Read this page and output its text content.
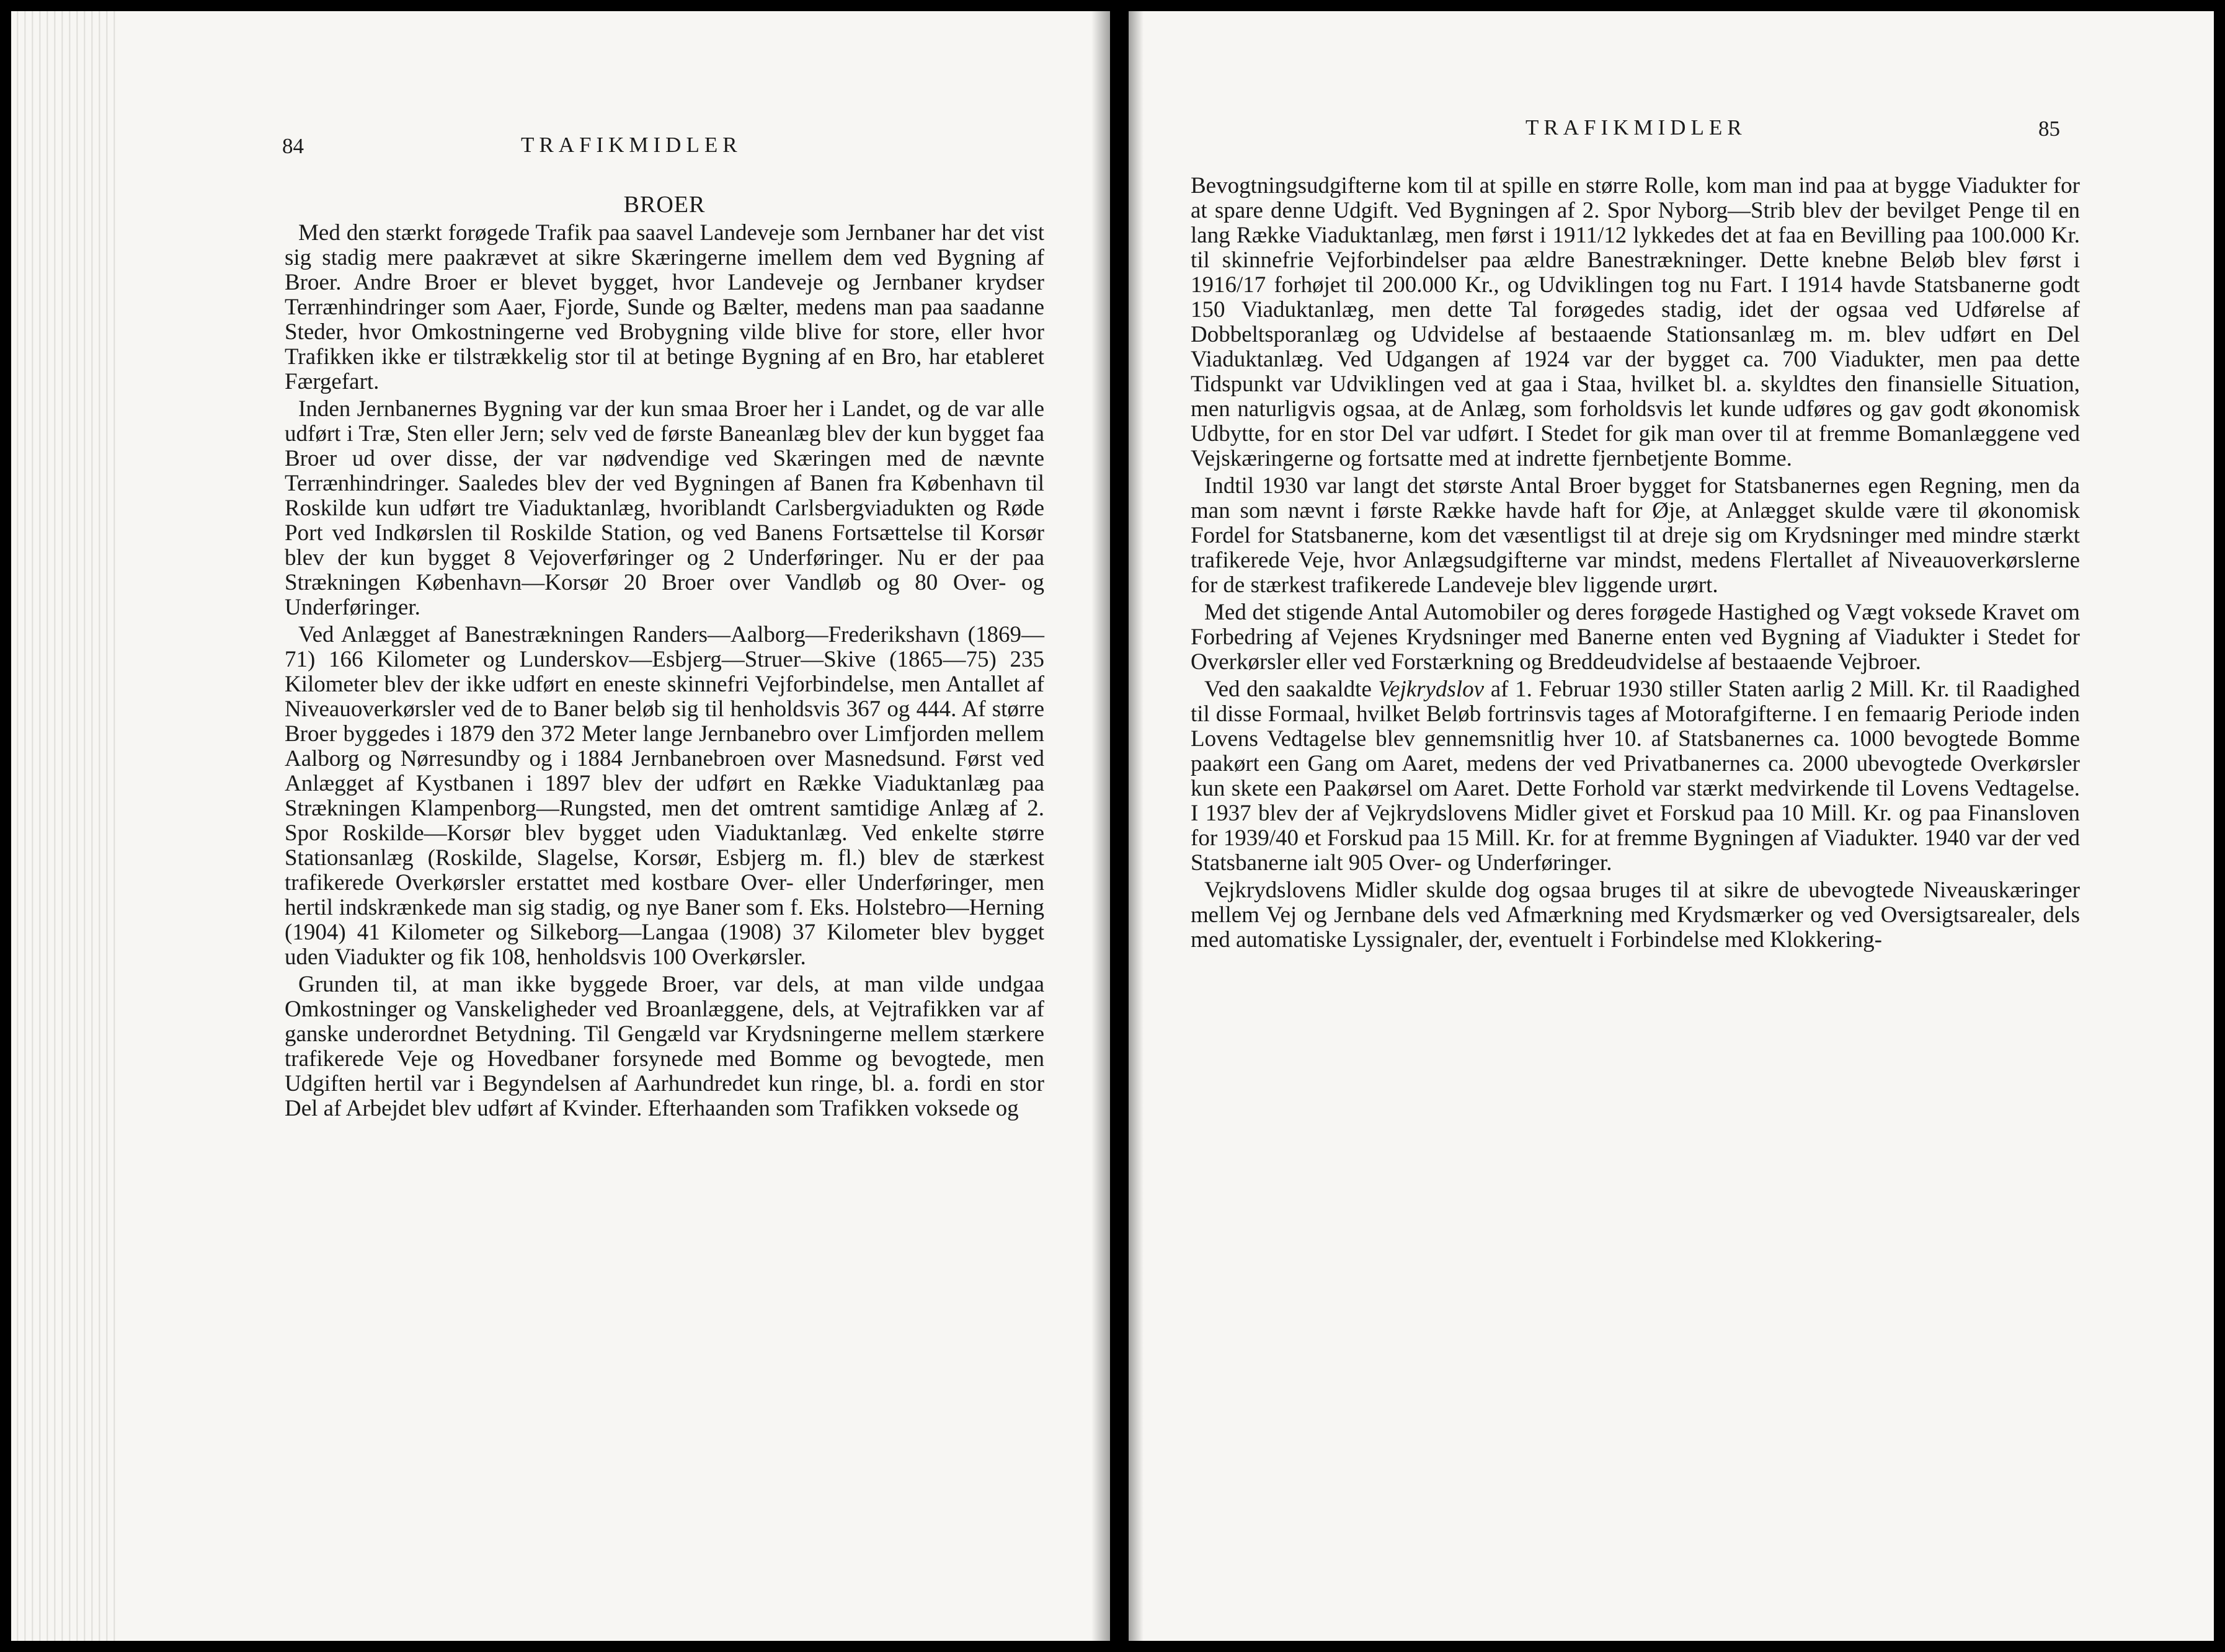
84	TRAFIKMIDLER
BROER

Med den stærkt forøgede Trafik paa saavel Landeveje som Jernbaner har det vist sig stadig mere paakrævet at sikre Skæringerne imellem dem ved Bygning af Broer. Andre Broer er blevet bygget, hvor Landeveje og Jernbaner krydser Terrænhindringer som Aaer, Fjorde, Sunde og Bælter, medens man paa saadanne Steder, hvor Omkostningerne ved Brobygning vilde blive for store, eller hvor Trafikken ikke er tilstrækkelig stor til at betinge Bygning af en Bro, har etableret Færgefart.

Inden Jernbanernes Bygning var der kun smaa Broer her i Landet, og de var alle udført i Træ, Sten eller Jern; selv ved de første Baneanlæg blev der kun bygget faa Broer ud over disse, der var nødvendige ved Skæringen med de nævnte Terrænhindringer. Saaledes blev der ved Bygningen af Banen fra København til Roskilde kun udført tre Viaduktanlæg, hvoriblandt Carlsbergviadukten og Røde Port ved Indkørslen til Roskilde Station, og ved Banens Fortsættelse til Korsør blev der kun bygget 8 Vejoverføringer og 2 Underføringer. Nu er der paa Strækningen København—Korsør 20 Broer over Vandløb og 80 Over- og Underføringer.

Ved Anlægget af Banestrækningen Randers—Aalborg—Frederikshavn (1869—71) 166 Kilometer og Lunderskov—Esbjerg—Struer—Skive (1865—75) 235 Kilometer blev der ikke udført en eneste skinnefri Vejforbindelse, men Antallet af Niveauoverkørsler ved de to Baner beløb sig til henholdsvis 367 og 444. Af større Broer byggedes i 1879 den 372 Meter lange Jernbanebro over Limfjorden mellem Aalborg og Nørresundby og i 1884 Jernbanebroen over Masnedsund. Først ved Anlægget af Kystbanen i 1897 blev der udført en Række Viaduktanlæg paa Strækningen Klampenborg—Rungsted, men det omtrent samtidige Anlæg af 2. Spor Roskilde—Korsør blev bygget uden Viaduktanlæg. Ved enkelte større Stationsanlæg (Roskilde, Slagelse, Korsør, Esbjerg m. fl.) blev de stærkest trafikerede Overkørsler erstattet med kostbare Over- eller Underføringer, men hertil indskrænkede man sig stadig, og nye Baner som f. Eks. Holstebro—Herning (1904) 41 Kilometer og Silkeborg—Langaa (1908) 37 Kilometer blev bygget uden Viadukter og fik 108, henholdsvis 100 Overkørsler.

Grunden til, at man ikke byggede Broer, var dels, at man vilde undgaa Omkostninger og Vanskeligheder ved Broanlæggene, dels, at Vejtrafikken var af ganske underordnet Betydning. Til Gengæld var Krydsningerne mellem stærkere trafikerede Veje og Hovedbaner forsynede med Bomme og bevogtede, men Udgiften hertil var i Begyndelsen af Aarhundredet kun ringe, bl. a. fordi en stor Del af Arbejdet blev udført af Kvinder. Efterhaanden som Trafikken voksede og

TRAFIKMIDLER	85

Bevogtningsudgifterne kom til at spille en større Rolle, kom man ind paa at bygge Viadukter for at spare denne Udgift. Ved Bygningen af 2. Spor Nyborg—Strib blev der bevilget Penge til en lang Række Viaduktanlæg, men først i 1911/12 lykkedes det at faa en Bevilling paa 100.000 Kr. til skinnefrie Vejforbindelser paa ældre Banestrækninger. Dette knebne Beløb blev først i 1916/17 forhøjet til 200.000 Kr., og Udviklingen tog nu Fart. I 1914 havde Statsbanerne godt 150 Viaduktanlæg, men dette Tal forøgedes stadig, idet der ogsaa ved Udførelse af Dobbeltsporanlæg og Udvidelse af bestaaende Stationsanlæg m. m. blev udført en Del Viaduktanlæg. Ved Udgangen af 1924 var der bygget ca. 700 Viadukter, men paa dette Tidspunkt var Udviklingen ved at gaa i Staa, hvilket bl. a. skyldtes den finansielle Situation, men naturligvis ogsaa, at de Anlæg, som forholdsvis let kunde udføres og gav godt økonomisk Udbytte, for en stor Del var udført. I Stedet for gik man over til at fremme Bomanlæggene ved Vejskæringerne og fortsatte med at indrette fjernbetjente Bomme.

Indtil 1930 var langt det største Antal Broer bygget for Statsbanernes egen Regning, men da man som nævnt i første Række havde haft for Øje, at Anlægget skulde være til økonomisk Fordel for Statsbanerne, kom det væsentligst til at dreje sig om Krydsninger med mindre stærkt trafikerede Veje, hvor Anlægsudgifterne var mindst, medens Flertallet af Niveauoverkørslerne for de stærkest trafikerede Landeveje blev liggende urørt.

Med det stigende Antal Automobiler og deres forøgede Hastighed og Vægt voksede Kravet om Forbedring af Vejenes Krydsninger med Banerne enten ved Bygning af Viadukter i Stedet for Overkørsler eller ved Forstærkning og Breddeudvidelse af bestaaende Vejbroer.

Ved den saakaldte Vejkrydslov af 1. Februar 1930 stiller Staten aarlig 2 Mill. Kr. til Raadighed til disse Formaal, hvilket Beløb fortrinsvis tages af Motorafgifterne. I en femaarig Periode inden Lovens Vedtagelse blev gennemsnitlig hver 10. af Statsbanernes ca. 1000 bevogtede Bomme paakørt een Gang om Aaret, medens der ved Privatbanernes ca. 2000 ubevogtede Overkørsler kun skete een Paakørsel om Aaret. Dette Forhold var stærkt medvirkende til Lovens Vedtagelse. I 1937 blev der af Vejkrydslovens Midler givet et Forskud paa 10 Mill. Kr. og paa Finansloven for 1939/40 et Forskud paa 15 Mill. Kr. for at fremme Bygningen af Viadukter. 1940 var der ved Statsbanerne ialt 905 Over- og Underføringer.

Vejkrydslovens Midler skulde dog ogsaa bruges til at sikre de ubevogtede Niveauskæringer mellem Vej og Jernbane dels ved Afmærkning med Krydsmærker og ved Oversigtsarealer, dels med automatiske Lyssignaler, der, eventuelt i Forbindelse med Klokkering-
